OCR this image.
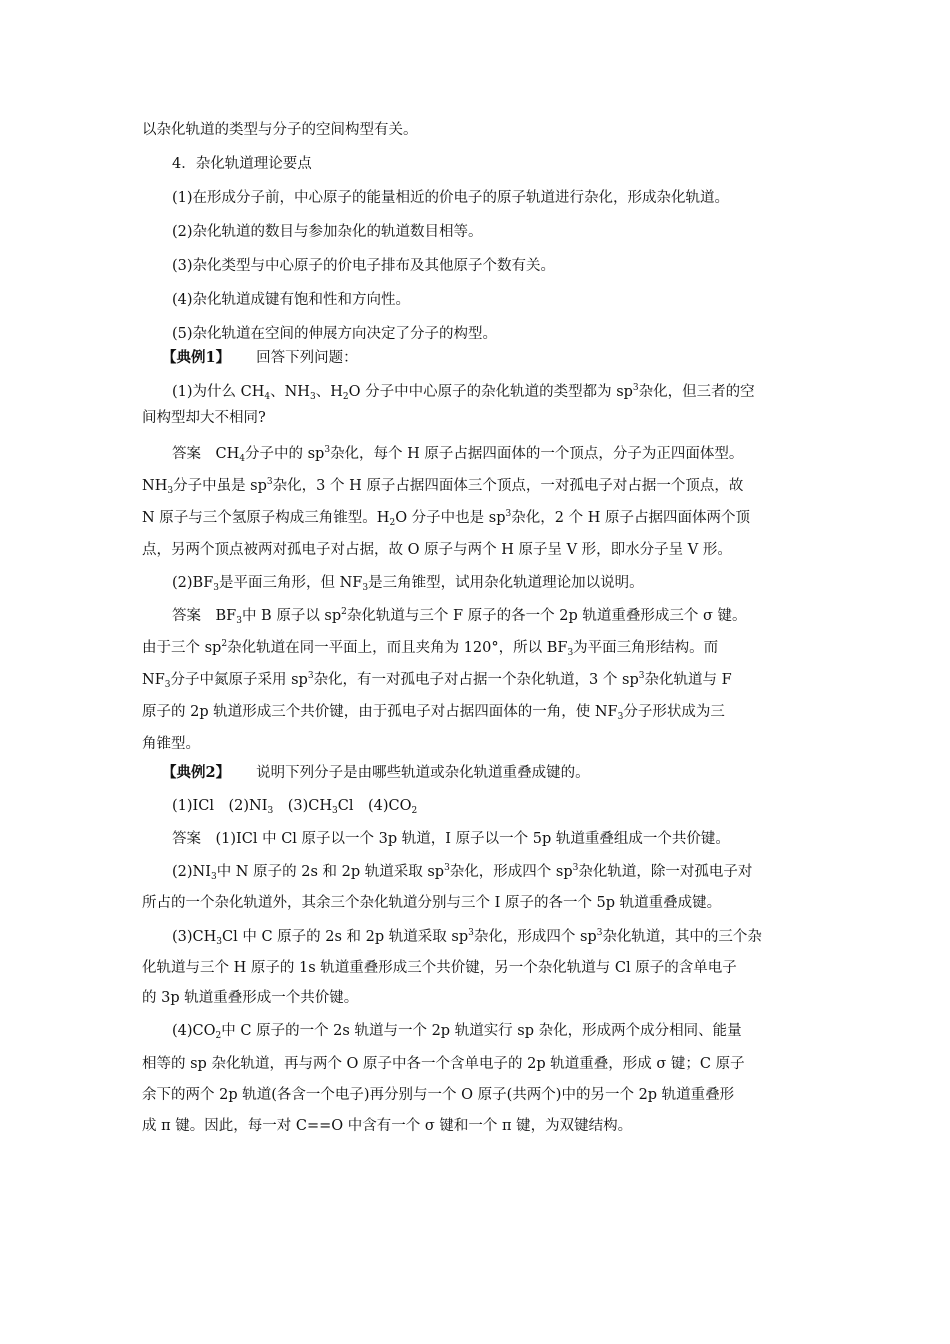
以杂化轨道的类型与分子的空间构型有关。
4．杂化轨道理论要点
(1)在形成分子前，中心原子的能量相近的价电子的原子轨道进行杂化，形成杂化轨道。
(2)杂化轨道的数目与参加杂化的轨道数目相等。
(3)杂化类型与中心原子的价电子排布及其他原子个数有关。
(4)杂化轨道成键有饱和性和方向性。
(5)杂化轨道在空间的伸展方向决定了分子的构型。
【典例1】 回答下列问题：
(1)为什么 $CH_4$、$NH_3$、$H_2O$ 分子中中心原子的杂化轨道的类型都为 $sp^3$杂化，但三者的空
间构型却大不相同?
答案　$CH_4$分子中的 $sp^3$杂化，每个 H 原子占据四面体的一个顶点，分子为正四面体型。
$NH_3$分子中虽是 $sp^3$杂化，3 个 H 原子占据四面体三个顶点，一对孤电子对占据一个顶点，故
N 原子与三个氢原子构成三角锥型。$H_2O$ 分子中也是 $sp^3$杂化，2 个 H 原子占据四面体两个顶
点，另两个顶点被两对孤电子对占据，故 O 原子与两个 H 原子呈 V 形，即水分子呈 V 形。
$(2)BF_3$是平面三角形，但 $NF_3$是三角锥型，试用杂化轨道理论加以说明。
答案　$BF_3$中 B 原子以 $sp^2$杂化轨道与三个 F 原子的各一个 2p 轨道重叠形成三个 σ 键。
由于三个 $sp^2$杂化轨道在同一平面上，而且夹角为 120°，所以 $BF_3$为平面三角形结构。而
$NF_3$分子中氮原子采用 $sp^3$杂化，有一对孤电子对占据一个杂化轨道，3 个 $sp^3$杂化轨道与 F
原子的 2p 轨道形成三个共价键，由于孤电子对占据四面体的一角，使 $NF_3$分子形状成为三
角锥型。
【典例2】 说明下列分子是由哪些轨道或杂化轨道重叠成键的。
(1)ICl　$(2)NI_3$　$(3)CH_3Cl$　$(4)CO_2$
答案　(1)ICl 中 Cl 原子以一个 3p 轨道，I 原子以一个 5p 轨道重叠组成一个共价键。
$(2)NI_3$中 N 原子的 2s 和 2p 轨道采取 $sp^3$杂化，形成四个 $sp^3$杂化轨道，除一对孤电子对
所占的一个杂化轨道外，其余三个杂化轨道分别与三个 I 原子的各一个 5p 轨道重叠成键。
$(3)CH_3Cl$ 中 C 原子的 2s 和 2p 轨道采取 $sp^3$杂化，形成四个 $sp^3$杂化轨道，其中的三个杂
化轨道与三个 H 原子的 1s 轨道重叠形成三个共价键，另一个杂化轨道与 Cl 原子的含单电子
的 3p 轨道重叠形成一个共价键。
$(4)CO_2$中 C 原子的一个 2s 轨道与一个 2p 轨道实行 sp 杂化，形成两个成分相同、能量
相等的 sp 杂化轨道，再与两个 O 原子中各一个含单电子的 2p 轨道重叠，形成 σ 键；C 原子
余下的两个 2p 轨道(各含一个电子)再分别与一个 O 原子(共两个)中的另一个 2p 轨道重叠形
成 π 键。因此，每一对 C==O 中含有一个 σ 键和一个 π 键，为双键结构。
